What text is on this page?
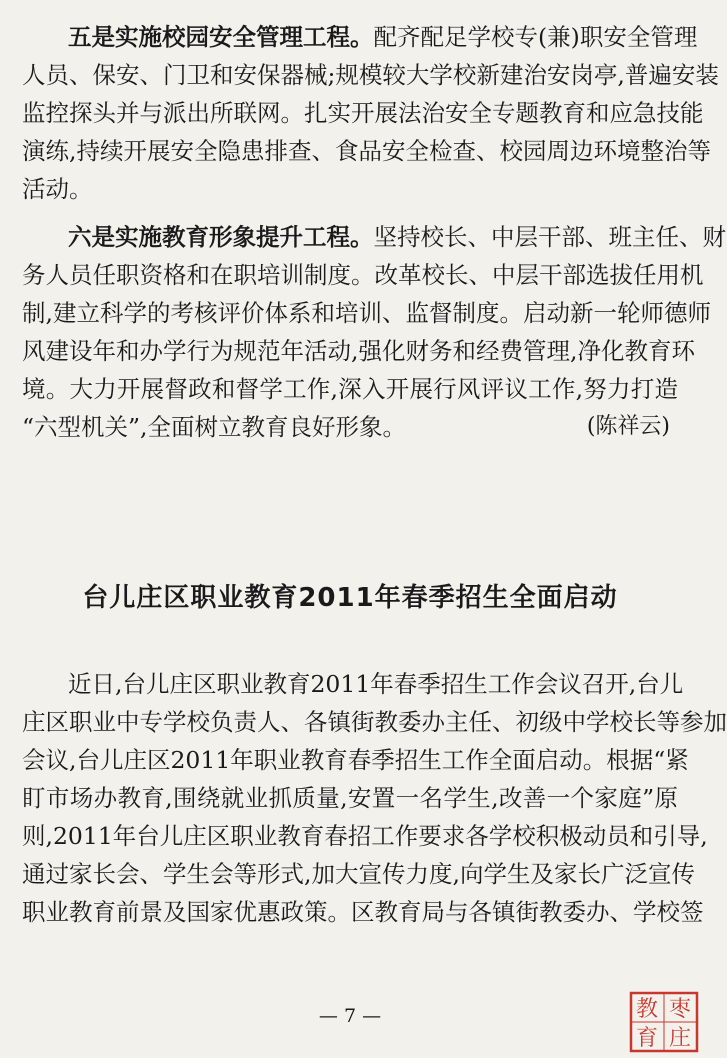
五是实施校园安全管理工程。配齐配足学校专(兼)职安全管理
人员、保安、门卫和安保器械;规模较大学校新建治安岗亭,普遍安装
监控探头并与派出所联网。扎实开展法治安全专题教育和应急技能
演练,持续开展安全隐患排查、食品安全检查、校园周边环境整治等
活动。
六是实施教育形象提升工程。坚持校长、中层干部、班主任、财
务人员任职资格和在职培训制度。改革校长、中层干部选拔任用机
制,建立科学的考核评价体系和培训、监督制度。启动新一轮师德师
风建设年和办学行为规范年活动,强化财务和经费管理,净化教育环
境。大力开展督政和督学工作,深入开展行风评议工作,努力打造
“六型机关”,全面树立教育良好形象。	(陈祥云)
台儿庄区职业教育2011年春季招生全面启动
近日,台儿庄区职业教育2011年春季招生工作会议召开,台儿
庄区职业中专学校负责人、各镇街教委办主任、初级中学校长等参加
会议,台儿庄区2011年职业教育春季招生工作全面启动。根据“紧
盯市场办教育,围绕就业抓质量,安置一名学生,改善一个家庭”原
则,2011年台儿庄区职业教育春招工作要求各学校积极动员和引导,
通过家长会、学生会等形式,加大宣传力度,向学生及家长广泛宣传
职业教育前景及国家优惠政策。区教育局与各镇街教委办、学校签
— 7 —	枣
庄
教
育
